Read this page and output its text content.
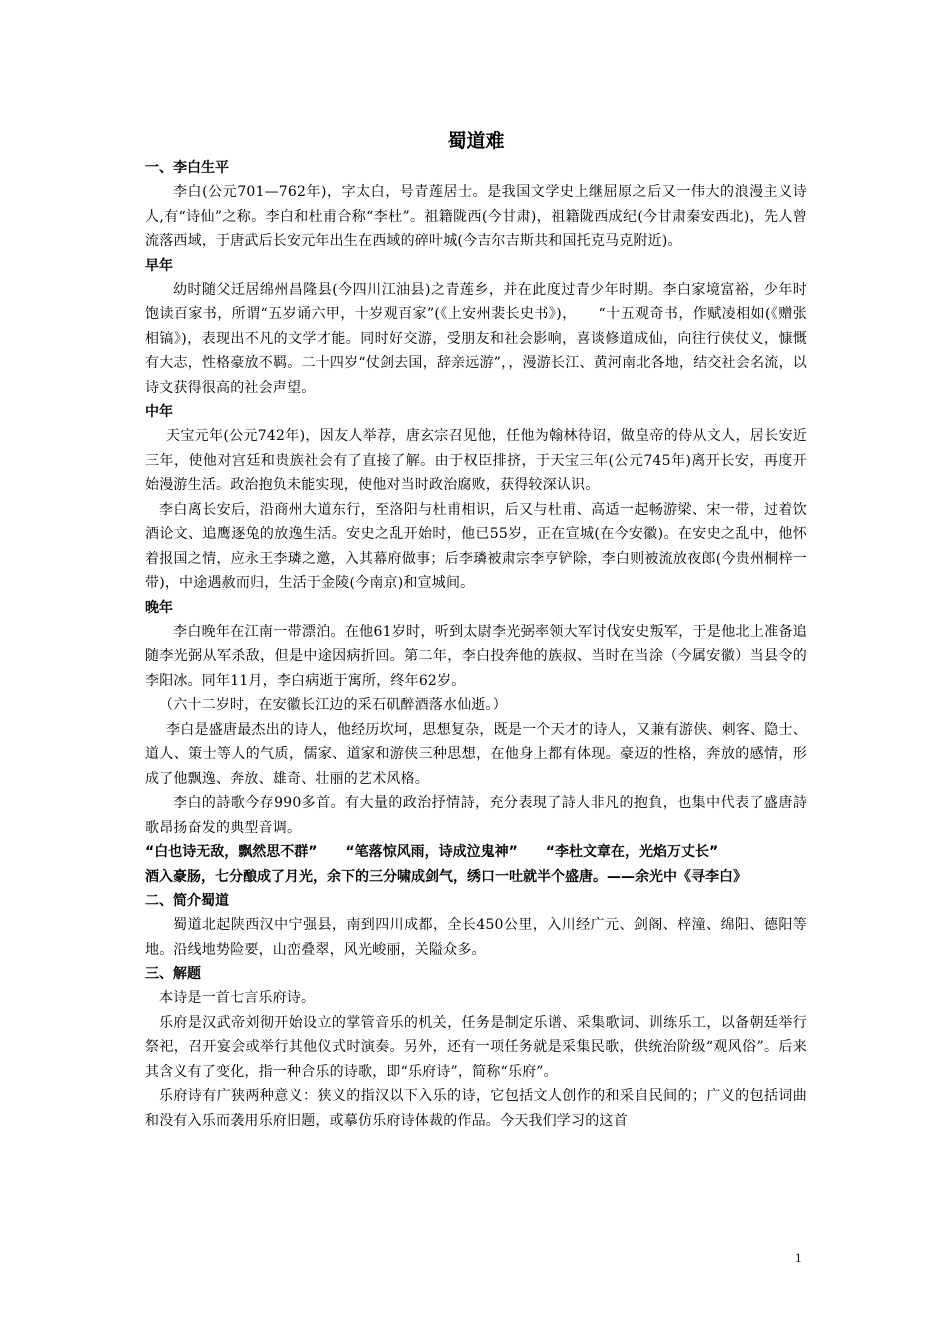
蜀道难

一、李白生平

李白(公元701—762年)，字太白，号青莲居士。是我国文学史上继屈原之后又一伟大的浪漫主义诗人,有“诗仙”之称。李白和杜甫合称“李杜”。祖籍陇西(今甘肃)，祖籍陇西成纪(今甘肃秦安西北)，先人曾流落西域，于唐武后长安元年出生在西域的碎叶城(今吉尔吉斯共和国托克马克附近)。

早年

幼时随父迁居绵州昌隆县(今四川江油县)之青莲乡，并在此度过青少年时期。李白家境富裕，少年时饱读百家书，所谓“五岁诵六甲，十岁观百家”(《上安州裴长史书》)，　　“十五观奇书，作赋凌相如(《赠张相镐》)，表现出不凡的文学才能。同时好交游，受朋友和社会影响，喜谈修道成仙，向往行侠仗义，慷慨有大志，性格豪放不羁。二十四岁“仗剑去国，辞亲远游”，，漫游长江、黄河南北各地，结交社会名流，以诗文获得很高的社会声望。

中年

天宝元年(公元742年)，因友人举荐，唐玄宗召见他，任他为翰林待诏，做皇帝的侍从文人，居长安近三年，使他对宫廷和贵族社会有了直接了解。由于权臣排挤，于天宝三年(公元745年)离开长安，再度开始漫游生活。政治抱负未能实现，使他对当时政治腐败，获得较深认识。

李白离长安后，沿商州大道东行，至洛阳与杜甫相识，后又与杜甫、高适一起畅游梁、宋一带，过着饮酒论文、追鹰逐兔的放逸生活。安史之乱开始时，他已55岁，正在宣城(在今安徽)。在安史之乱中，他怀着报国之情，应永王李璘之邀，入其幕府做事；后李璘被肃宗李亨铲除，李白则被流放夜郎(今贵州桐梓一带)，中途遇赦而归，生活于金陵(今南京)和宣城间。

晚年

李白晚年在江南一带漂泊。在他61岁时，听到太尉李光弼率领大军讨伐安史叛军，于是他北上准备追随李光弼从军杀敌，但是中途因病折回。第二年，李白投奔他的族叔、当时在当涂（今属安徽）当县令的李阳冰。同年11月，李白病逝于寓所，终年62岁。

（六十二岁时，在安徽长江边的采石矶醉酒落水仙逝。）

李白是盛唐最杰出的诗人，他经历坎坷，思想复杂，既是一个天才的诗人，又兼有游侠、刺客、隐士、道人、策士等人的气质，儒家、道家和游侠三种思想，在他身上都有体现。豪迈的性格，奔放的感情，形成了他飘逸、奔放、雄奇、壮丽的艺术风格。

李白的詩歌今存990多首。有大量的政治抒情詩，充分表現了詩人非凡的抱負，也集中代表了盛唐詩歌昂扬奋发的典型音调。

“白也诗无敌，飘然思不群”　　“笔落惊风雨，诗成泣鬼神”　　“李杜文章在，光焰万丈长”

酒入豪肠，七分酿成了月光，余下的三分啸成剑气，绣口一吐就半个盛唐。——余光中《寻李白》

二、简介蜀道

蜀道北起陕西汉中宁强县，南到四川成都，全长450公里，入川经广元、剑阁、梓潼、绵阳、德阳等地。沿线地势险要，山峦叠翠，风光峻丽，关隘众多。

三、解题

本诗是一首七言乐府诗。

乐府是汉武帝刘彻开始设立的掌管音乐的机关，任务是制定乐谱、采集歌词、训练乐工，以备朝廷举行祭祀，召开宴会或举行其他仪式时演奏。另外，还有一项任务就是采集民歌，供统治阶级“观风俗”。后来其含义有了变化，指一种合乐的诗歌，即“乐府诗”，简称“乐府”。

乐府诗有广狭两种意义：狭义的指汉以下入乐的诗，它包括文人创作的和采自民间的；广义的包括词曲和没有入乐而袭用乐府旧题，或摹仿乐府诗体裁的作品。今天我们学习的这首

1
